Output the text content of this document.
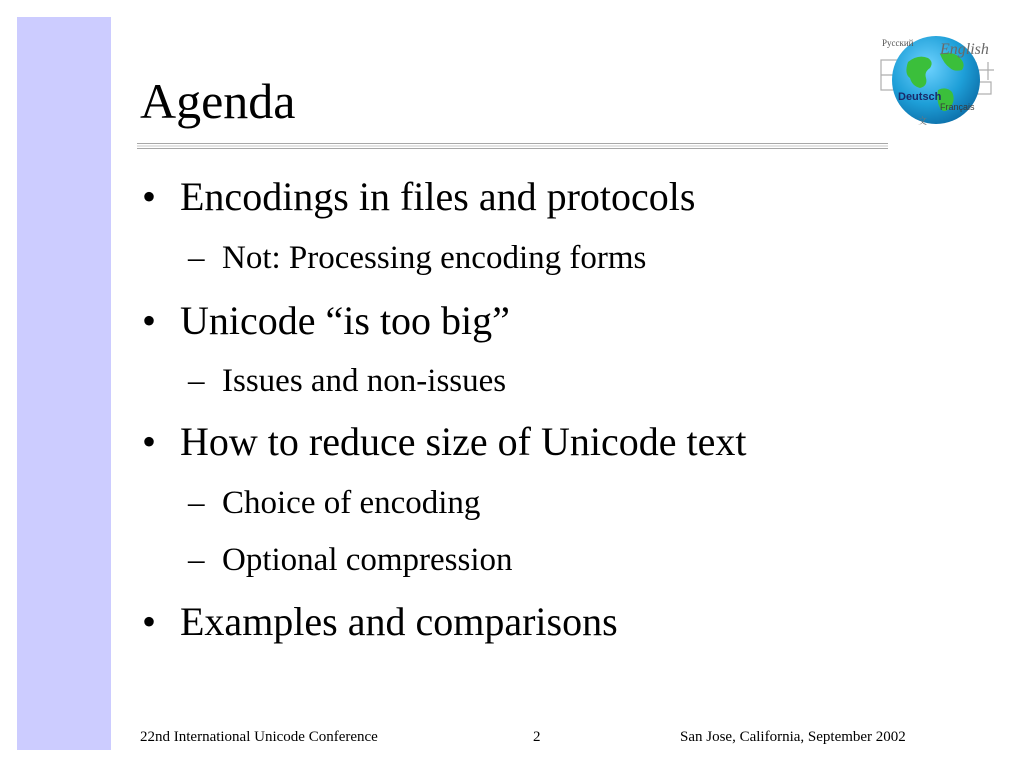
Agenda
Русский English
Deutsch
Français
文
• Encodings in files and protocols
– Not: Processing encoding forms
• Unicode “is too big”
– Issues and non-issues
• How to reduce size of Unicode text
– Choice of encoding
– Optional compression
• Examples and comparisons
22nd International Unicode Conference	2	San Jose, California, September 2002
